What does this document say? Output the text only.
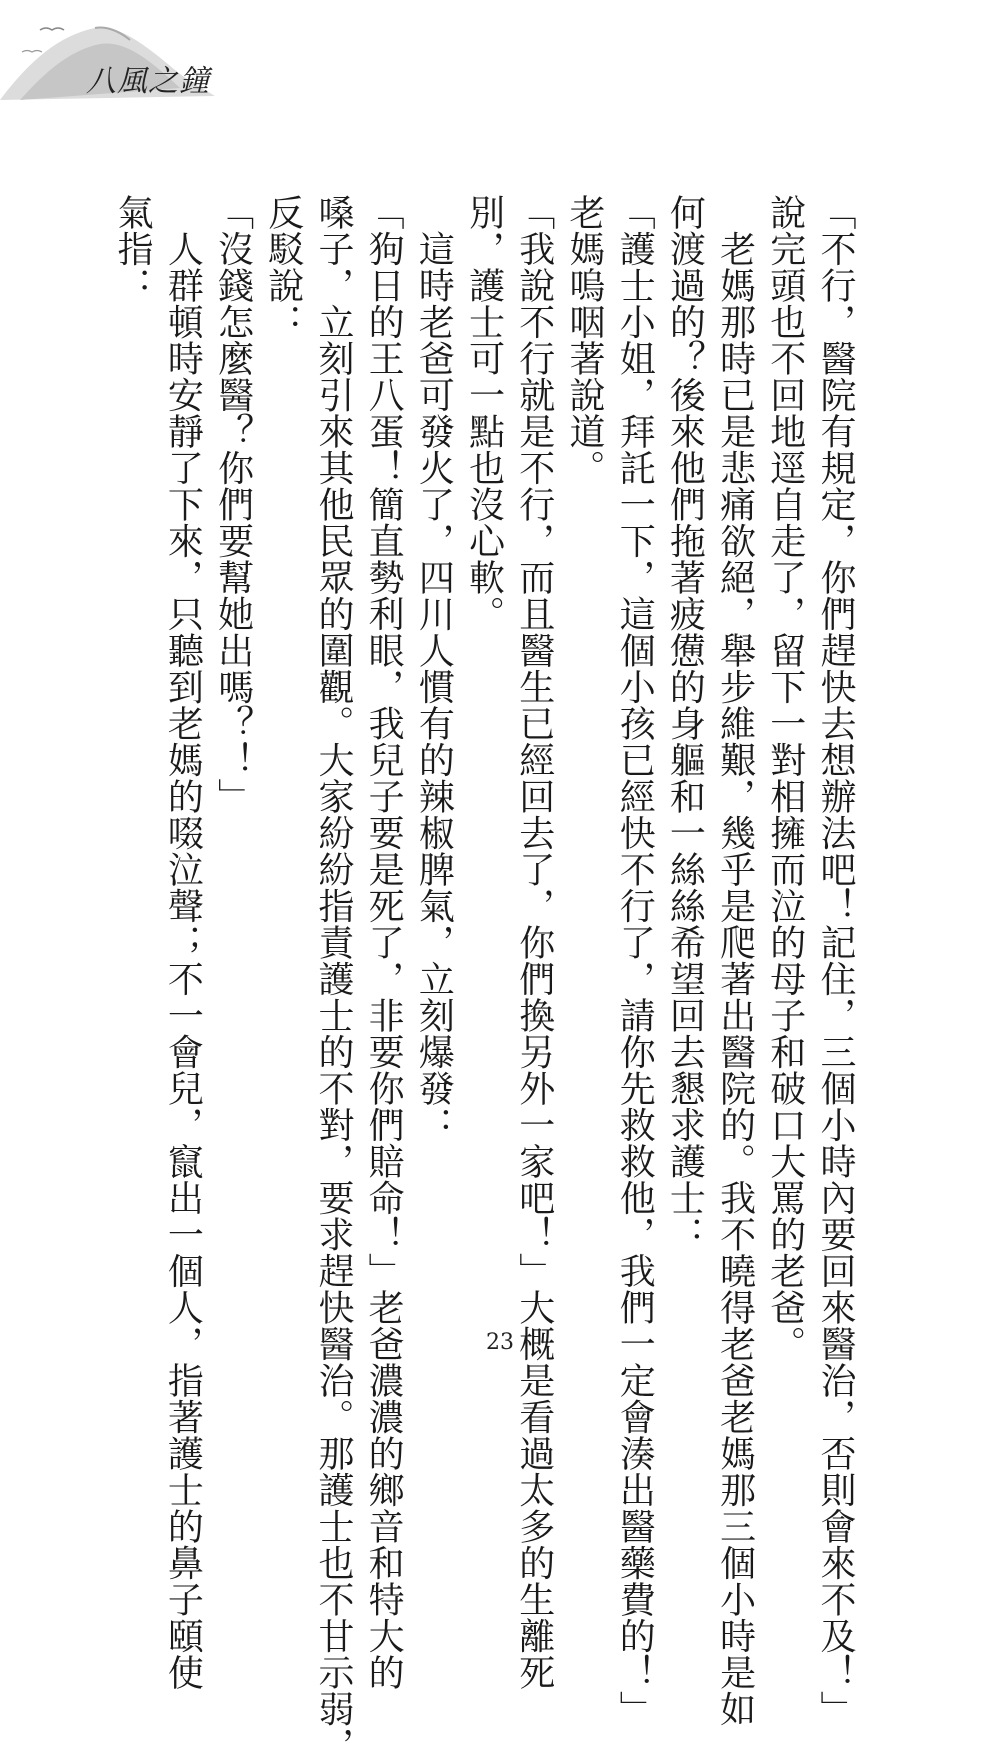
八風之鐘
「不行，醫院有規定，你們趕快去想辦法吧！記住，三個小時內要回來醫治，否則會來不及！」
說完頭也不回地逕自走了，留下一對相擁而泣的母子和破口大罵的老爸。
　老媽那時已是悲痛欲絕，舉步維艱，幾乎是爬著出醫院的。我不曉得老爸老媽那三個小時是如
何渡過的？後來他們拖著疲憊的身軀和一絲絲希望回去懇求護士：
「護士小姐，拜託一下，這個小孩已經快不行了，請你先救救他，我們一定會湊出醫藥費的！」
老媽嗚咽著說道。
「我說不行就是不行，而且醫生已經回去了，你們換另外一家吧！」大概是看過太多的生離死
別，護士可一點也沒心軟。
　這時老爸可發火了，四川人慣有的辣椒脾氣，立刻爆發：
「狗日的王八蛋！簡直勢利眼，我兒子要是死了，非要你們賠命！」老爸濃濃的鄉音和特大的
嗓子，立刻引來其他民眾的圍觀。大家紛紛指責護士的不對，要求趕快醫治。那護士也不甘示弱，
反駁說：
「沒錢怎麼醫？你們要幫她出嗎？！」
　人群頓時安靜了下來，只聽到老媽的啜泣聲；不一會兒，竄出一個人，指著護士的鼻子頤使
氣指：
23
